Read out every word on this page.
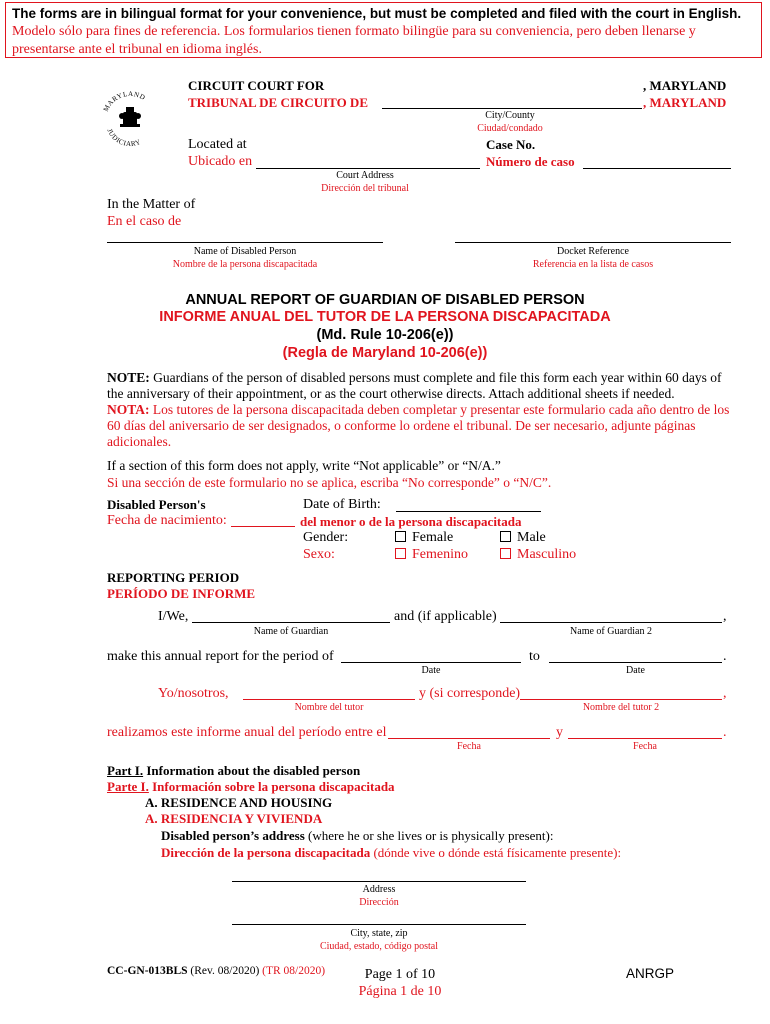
The forms are in bilingual format for your convenience, but must be completed and filed with the court in English.
Modelo sólo para fines de referencia. Los formularios tienen formato bilingüe para su conveniencia, pero deben llenarse y presentarse ante el tribunal en idioma inglés.
MARYLAND
JUDICIARY
CIRCUIT COURT FOR	, MARYLAND
TRIBUNAL DE CIRCUITO DE	, MARYLAND
City/County
Ciudad/condado
Located at
Ubicado en
Case No.
Número de caso
Court Address
Dirección del tribunal
In the Matter of
En el caso de
Name of Disabled Person
Nombre de la persona discapacitada
Docket Reference
Referencia en la lista de casos
ANNUAL REPORT OF GUARDIAN OF DISABLED PERSON
INFORME ANUAL DEL TUTOR DE LA PERSONA DISCAPACITADA
(Md. Rule 10-206(e))
(Regla de Maryland 10-206(e))
NOTE: Guardians of the person of disabled persons must complete and file this form each year within 60 days of the anniversary of their appointment, or as the court otherwise directs. Attach additional sheets if needed.
NOTA: Los tutores de la persona discapacitada deben completar y presentar este formulario cada año dentro de los 60 días del aniversario de ser designados, o conforme lo ordene el tribunal. De ser necesario, adjunte páginas adicionales.
If a section of this form does not apply, write “Not applicable” or “N/A.”
Si una sección de este formulario no se aplica, escriba “No corresponde” o “N/C”.
Disabled Person's	Date of Birth:
Fecha de nacimiento:	del menor o de la persona discapacitada
Gender:
Sexo:
Female	Male
Femenino	Masculino
REPORTING PERIOD
PERÍODO DE INFORME
I/We,	and (if applicable)	,
Name of Guardian	Name of Guardian 2
make this annual report for the period of	to	.
Date	Date
Yo/nosotros,	y (si corresponde)	,
Nombre del tutor	Nombre del tutor 2
realizamos este informe anual del período entre el	y	.
Fecha	Fecha
Part I. Information about the disabled person
Parte I. Información sobre la persona discapacitada
A. RESIDENCE AND HOUSING
A. RESIDENCIA Y VIVIENDA
Disabled person’s address (where he or she lives or is physically present):
Dirección de la persona discapacitada (dónde vive o dónde está físicamente presente):
Address
Dirección
City, state, zip
Ciudad, estado, código postal
CC-GN-013BLS (Rev. 08/2020) (TR 08/2020)	Page 1 of 10
Página 1 de 10
ANRGP
